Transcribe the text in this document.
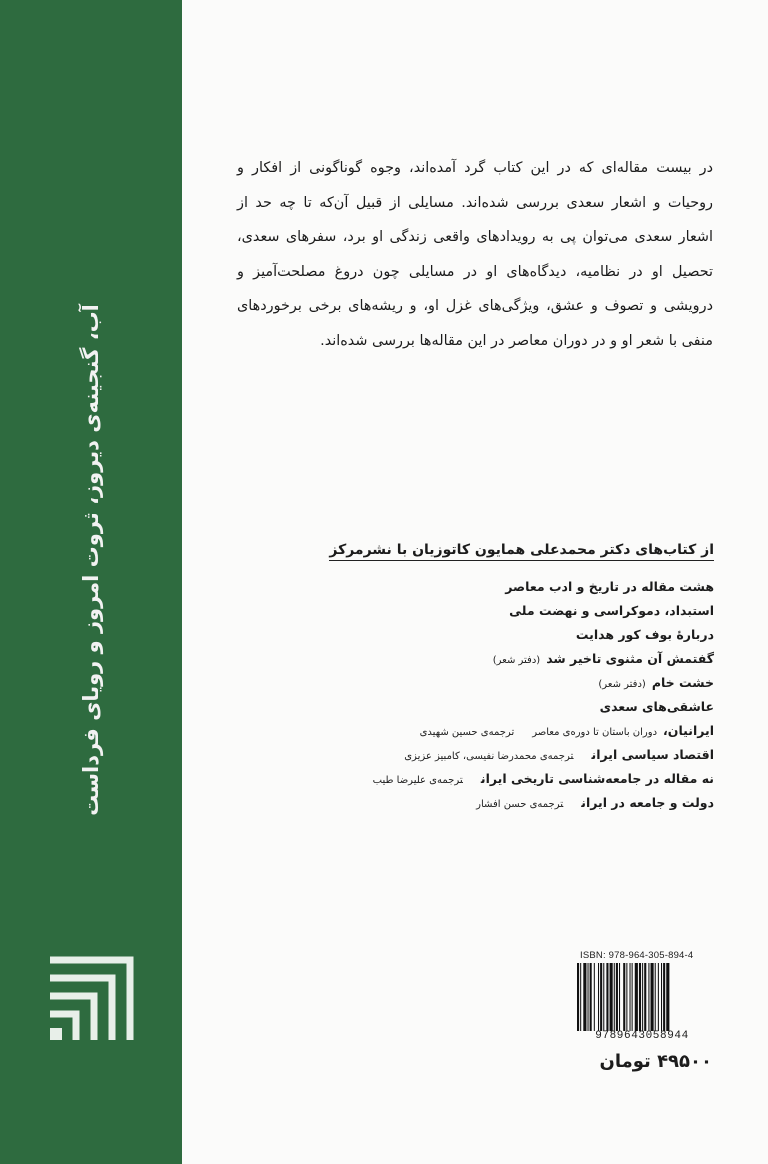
آب، گنجینه‌ی دیروز، ثروت امروز و رویای فرداست

در بیست مقاله‌ای که در این کتاب گرد آمده‌اند، وجوه گوناگونی از افکار و روحیات و اشعار سعدی بررسی شده‌اند. مسایلی از قبیل آن‌که تا چه حد از اشعار سعدی می‌توان پی به رویدادهای واقعی زندگی او برد، سفرهای سعدی، تحصیل او در نظامیه، دیدگاه‌های او در مسایلی چون دروغ مصلحت‌آمیز و درویشی و تصوف و عشق، ویژگی‌های غزل او، و ریشه‌های برخی برخوردهای منفی با شعر او و در دوران معاصر در این مقاله‌ها بررسی شده‌اند.

از کتاب‌های دکتر محمدعلی همایون کاتوزیان با نشرمرکز
هشت مقاله در تاریخ و ادب معاصر
استبداد، دموکراسی و نهضت ملی
دربارهٔ بوف کور هدایت
گفتمش آن مثنوی تاخیر شد(دفتر شعر)
خشت خام(دفتر شعر)
عاشقی‌های سعدی
ایرانیان،دوران باستان تا دوره‌ی معاصرترجمه‌ی حسین شهیدی
اقتصاد سیاسی ایرانترجمه‌ی محمدرضا نفیسی، کامبیز عزیزی
نه مقاله در جامعه‌شناسی تاریخی ایرانترجمه‌ی علیرضا طیب
دولت و جامعه در ایرانترجمه‌ی حسن افشار
ISBN: 978-964-305-894-4
9789643058944
۴۹۵۰۰ تومان
